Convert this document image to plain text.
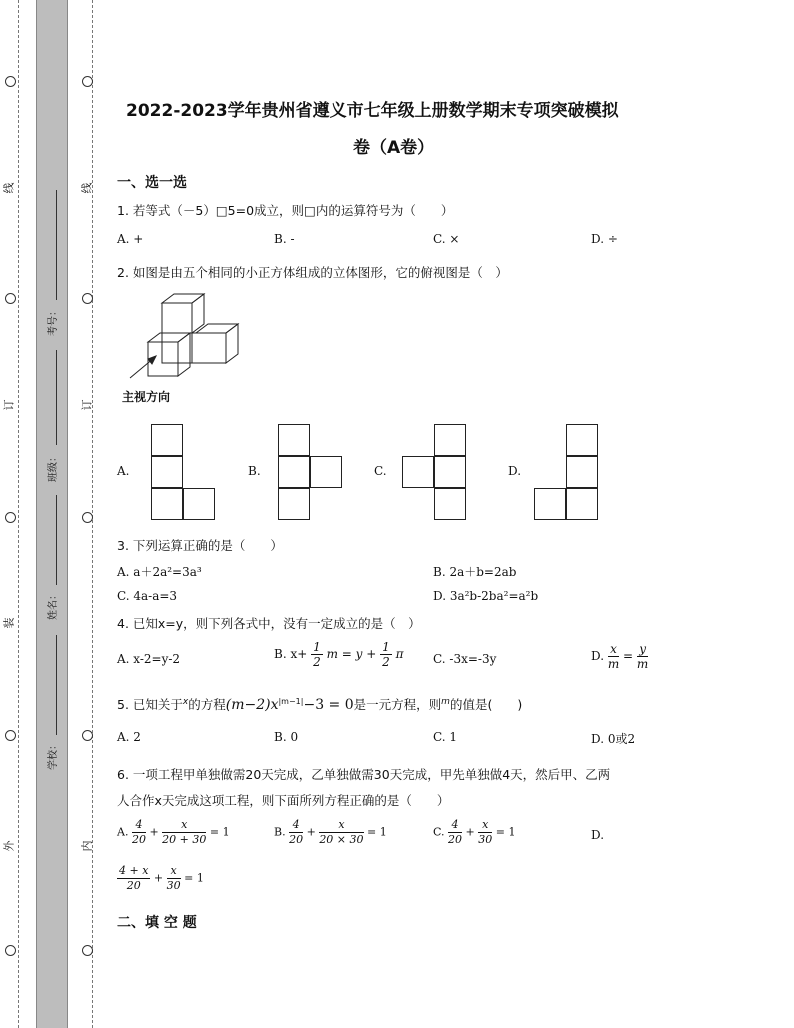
线
订
装
外
线
订
内
考号：
班级：
姓名：
学校：
2022-2023学年贵州省遵义市七年级上册数学期末专项突破模拟
卷（A卷）
一、选一选
1. 若等式（－5）□5=0成立，则□内的运算符号为（　　）
A. +	B. -	C. ×	D. ÷
2. 如图是由五个相同的小正方体组成的立体图形，它的俯视图是（　）
主视方向
A.	B.	C.	D.
3. 下列运算正确的是（　　）
A. a＋2a²=3a³	B. 2a＋b=2ab
C. 4a-a=3	D. 3a²b-2ba²=a²b
4. 已知x=y，则下列各式中，没有一定成立的是（　）
A. x-2=y-2	B. $x+ \frac{1}{2}$ $m = y + \frac{1}{2}$ π C. -3x=-3y	D. $\frac{x}{m} = \frac{y}{m}$
5. 已知关于$^x$的方程$(m-2)x^{|m-1|}-3 = 0$是一元方程，则$^m$的值是(　　)
A. 2	B. 0	C. 1	D. 0或2
6. 一项工程甲单独做需20天完成，乙单独做需30天完成，甲先单独做4天，然后甲、乙两
人合作x天完成这项工程，则下面所列方程正确的是（　　）
A. $\frac{4}{20} + \frac{x}{20 + 30} = 1$	B. $\frac{4}{20} + \frac{x}{20 \times 30} = 1$	C. $\frac{4}{20} + \frac{x}{30} = 1$	D.
$\frac{4 + x}{20} + \frac{x}{30} = 1$
二、填 空 题
